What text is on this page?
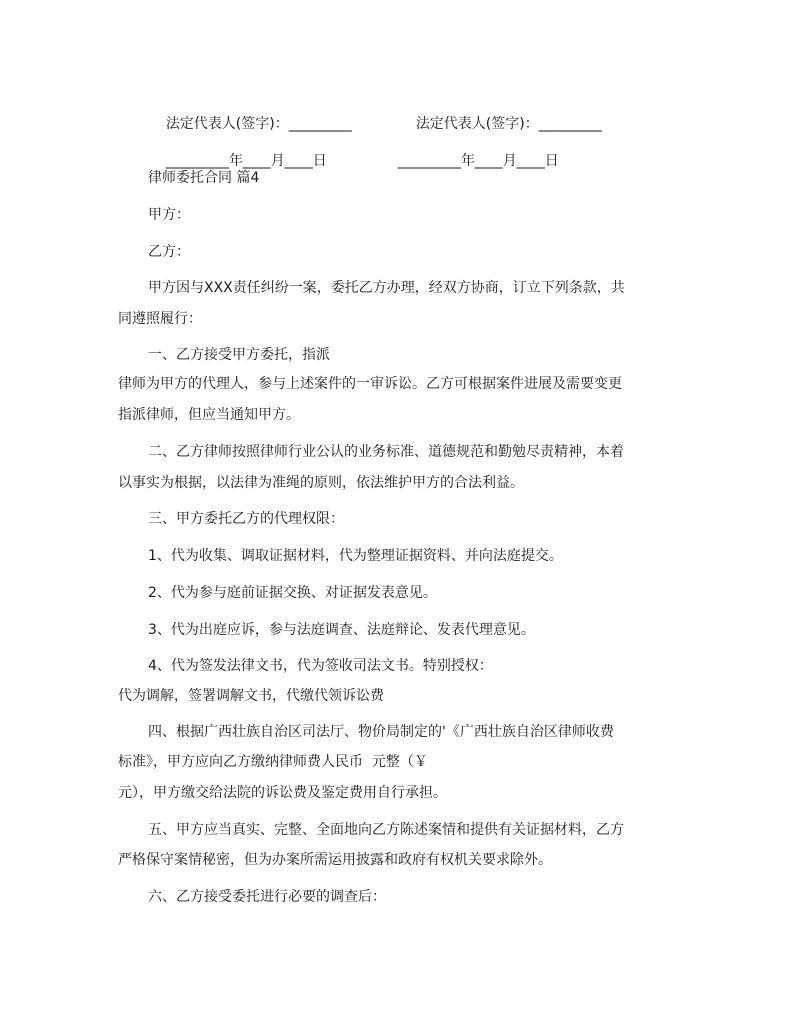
法定代表人(签字)：_________	法定代表人(签字)：_________

_________年____月____日	_________年____月____日

律师委托合同 篇4
甲方：
乙方：
甲方因与XXX责任纠纷一案，委托乙方办理，经双方协商，订立下列条款，共
同遵照履行：
一、乙方接受甲方委托，指派
律师为甲方的代理人，参与上述案件的一审诉讼。乙方可根据案件进展及需要变更
指派律师，但应当通知甲方。
二、乙方律师按照律师行业公认的业务标准、道德规范和勤勉尽责精神，本着
以事实为根据，以法律为准绳的原则，依法维护甲方的合法利益。
三、甲方委托乙方的代理权限：
1、代为收集、调取证据材料，代为整理证据资料、并向法庭提交。
2、代为参与庭前证据交换、对证据发表意见。
3、代为出庭应诉，参与法庭调查、法庭辩论、发表代理意见。
4、代为签发法律文书，代为签收司法文书。特别授权：
代为调解，签署调解文书，代缴代领诉讼费
四、根据广西壮族自治区司法厅、物价局制定的'《广西壮族自治区律师收费
标准》，甲方应向乙方缴纳律师费人民币  元整（￥
元），甲方缴交给法院的诉讼费及鉴定费用自行承担。
五、甲方应当真实、完整、全面地向乙方陈述案情和提供有关证据材料，乙方
严格保守案情秘密，但为办案所需运用披露和政府有权机关要求除外。
六、乙方接受委托进行必要的调查后：
